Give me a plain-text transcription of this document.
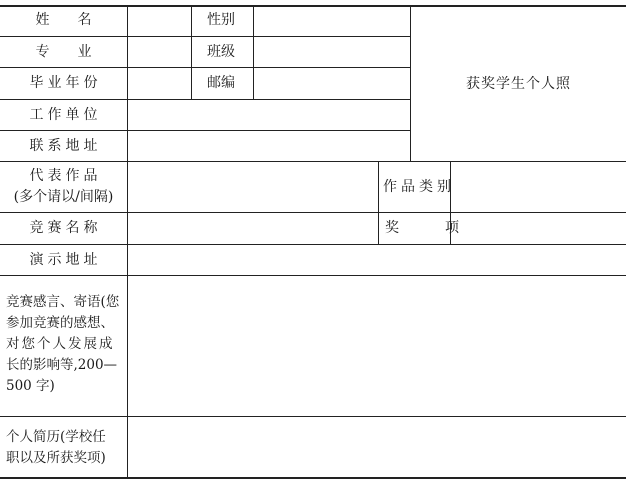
姓　　名
专　　业
毕业年份
工作单位
联系地址
代表作品
(多个请以/间隔)
竞赛名称
演示地址
竞赛感言、寄语(您
参加竞赛的感想、
对您个人发展成
长的影响等,200—
500 字)
个人简历(学校任
职以及所获奖项)
性别
班级
邮编
作品类别
奖　　项
获奖学生个人照
